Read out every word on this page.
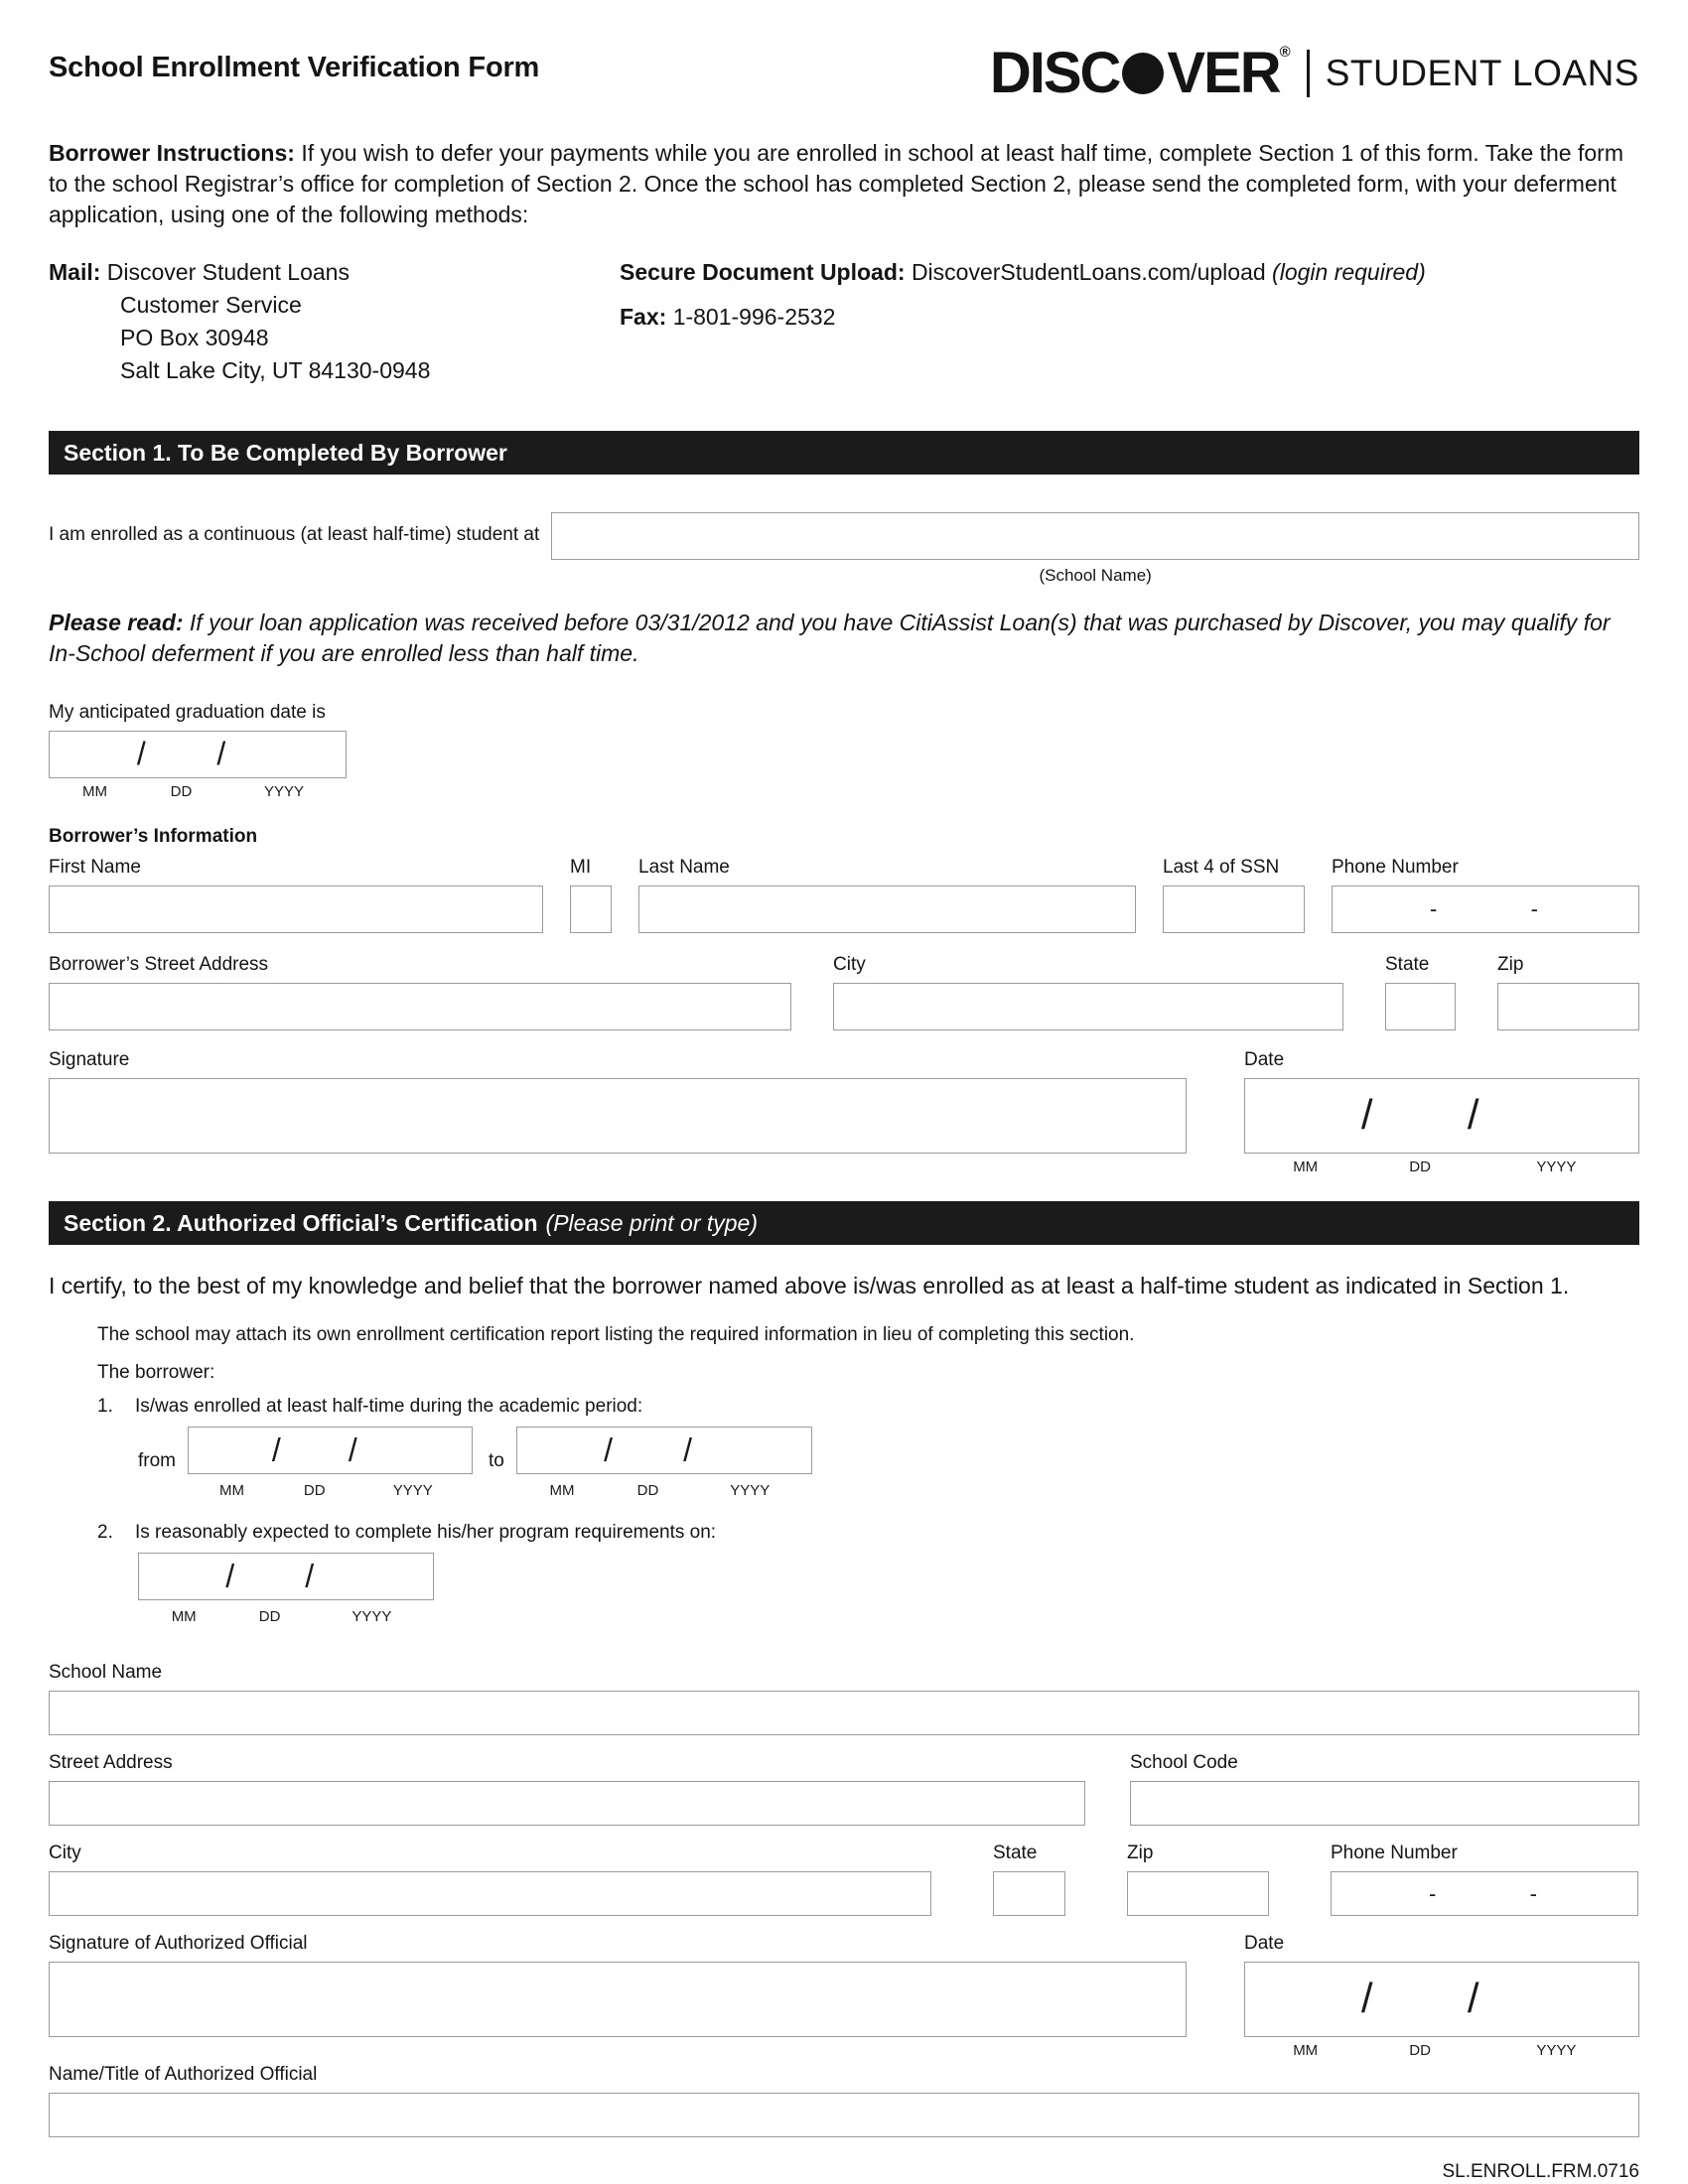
School Enrollment Verification Form	DISC VER ® STUDENT LOANS

Borrower Instructions: If you wish to defer your payments while you are enrolled in school at least half time, complete Section 1 of this form. Take the form to the school Registrar’s office for completion of Section 2. Once the school has completed Section 2, please send the completed form, with your deferment application, using one of the following methods:

Mail: Discover Student Loans
Customer Service
PO Box 30948
Salt Lake City, UT 84130-0948
Secure Document Upload: DiscoverStudentLoans.com/upload (login required)
Fax: 1-801-996-2532
Section 1. To Be Completed By Borrower
I am enrolled as a continuous (at least half-time) student at
(School Name)

Please read: If your loan application was received before 03/31/2012 and you have CitiAssist Loan(s) that was purchased by Discover, you may qualify for In-School deferment if you are enrolled less than half time.

My anticipated graduation date is
/ /
MM	DD	YYYY
Borrower’s Information
First Name	MI	Last Name	Last 4 of SSN	Phone Number
-	-
Borrower’s Street Address	City	State	Zip
Signature	Date
/ /
MM	DD	YYYY
Section 2. Authorized Official’s Certification (Please print or type)

I certify, to the best of my knowledge and belief that the borrower named above is/was enrolled as at least a half-time student as indicated in Section 1.

The school may attach its own enrollment certification report listing the required information in lieu of completing this section.
The borrower:
1.	Is/was enrolled at least half-time during the academic period:
from	/ /
MM	DD	YYYY
to	/ /
MM	DD	YYYY
2.	Is reasonably expected to complete his/her program requirements on:
/ /
MM	DD	YYYY
School Name
Street Address	School Code
City	State	Zip	Phone Number
-	-
Signature of Authorized Official	Date
/ /
MM	DD	YYYY
Name/Title of Authorized Official
SL.ENROLL.FRM.0716
